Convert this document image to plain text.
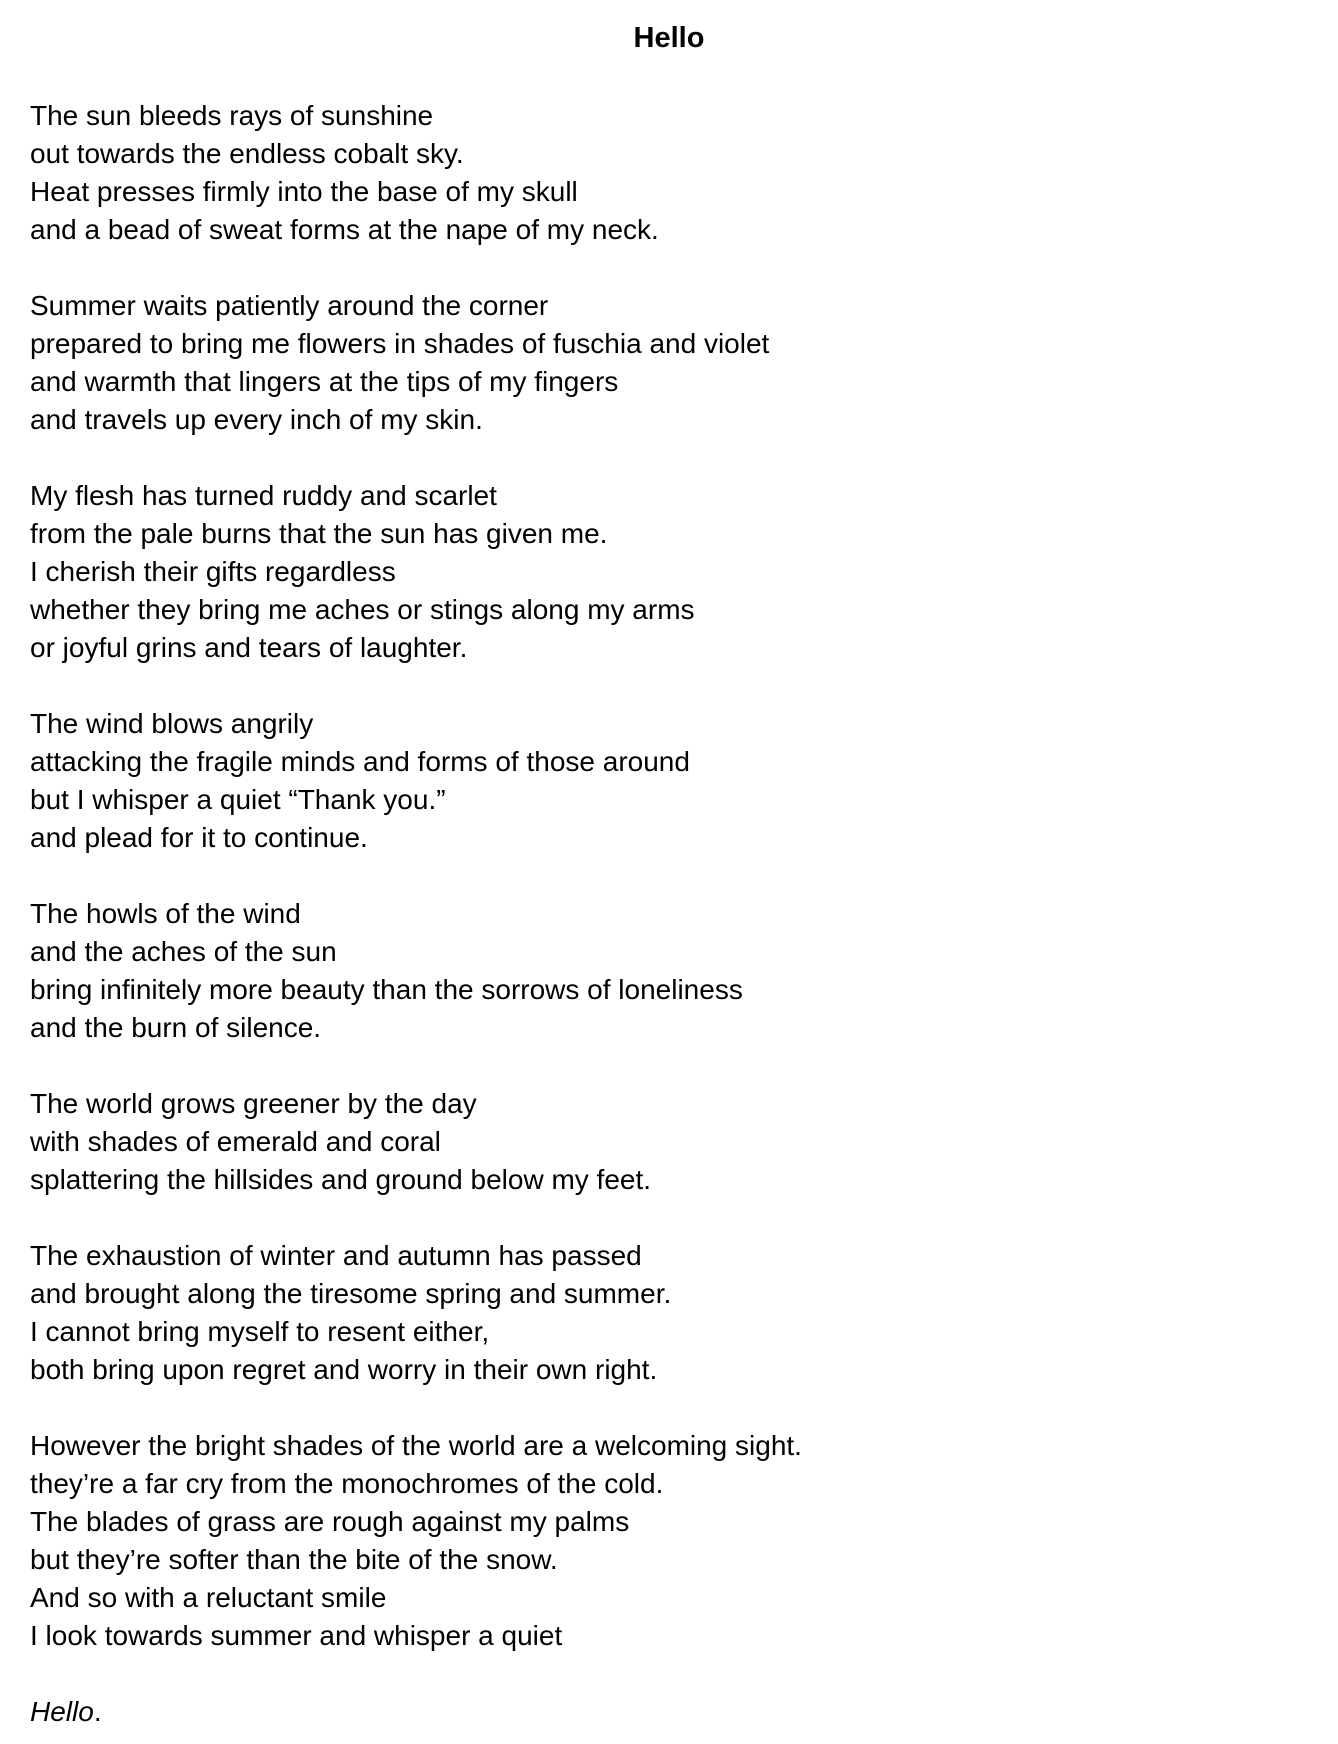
Hello
The sun bleeds rays of sunshine
out towards the endless cobalt sky.
Heat presses firmly into the base of my skull
and a bead of sweat forms at the nape of my neck.
Summer waits patiently around the corner
prepared to bring me flowers in shades of fuschia and violet
and warmth that lingers at the tips of my fingers
and travels up every inch of my skin.
My flesh has turned ruddy and scarlet
from the pale burns that the sun has given me.
I cherish their gifts regardless
whether they bring me aches or stings along my arms
or joyful grins and tears of laughter.
The wind blows angrily
attacking the fragile minds and forms of those around
but I whisper a quiet “Thank you.”
and plead for it to continue.
The howls of the wind
and the aches of the sun
bring infinitely more beauty than the sorrows of loneliness
and the burn of silence.
The world grows greener by the day
with shades of emerald and coral
splattering the hillsides and ground below my feet.
The exhaustion of winter and autumn has passed
and brought along the tiresome spring and summer.
I cannot bring myself to resent either,
both bring upon regret and worry in their own right.
However the bright shades of the world are a welcoming sight.
they’re a far cry from the monochromes of the cold.
The blades of grass are rough against my palms
but they’re softer than the bite of the snow.
And so with a reluctant smile
I look towards summer and whisper a quiet

Hello.
